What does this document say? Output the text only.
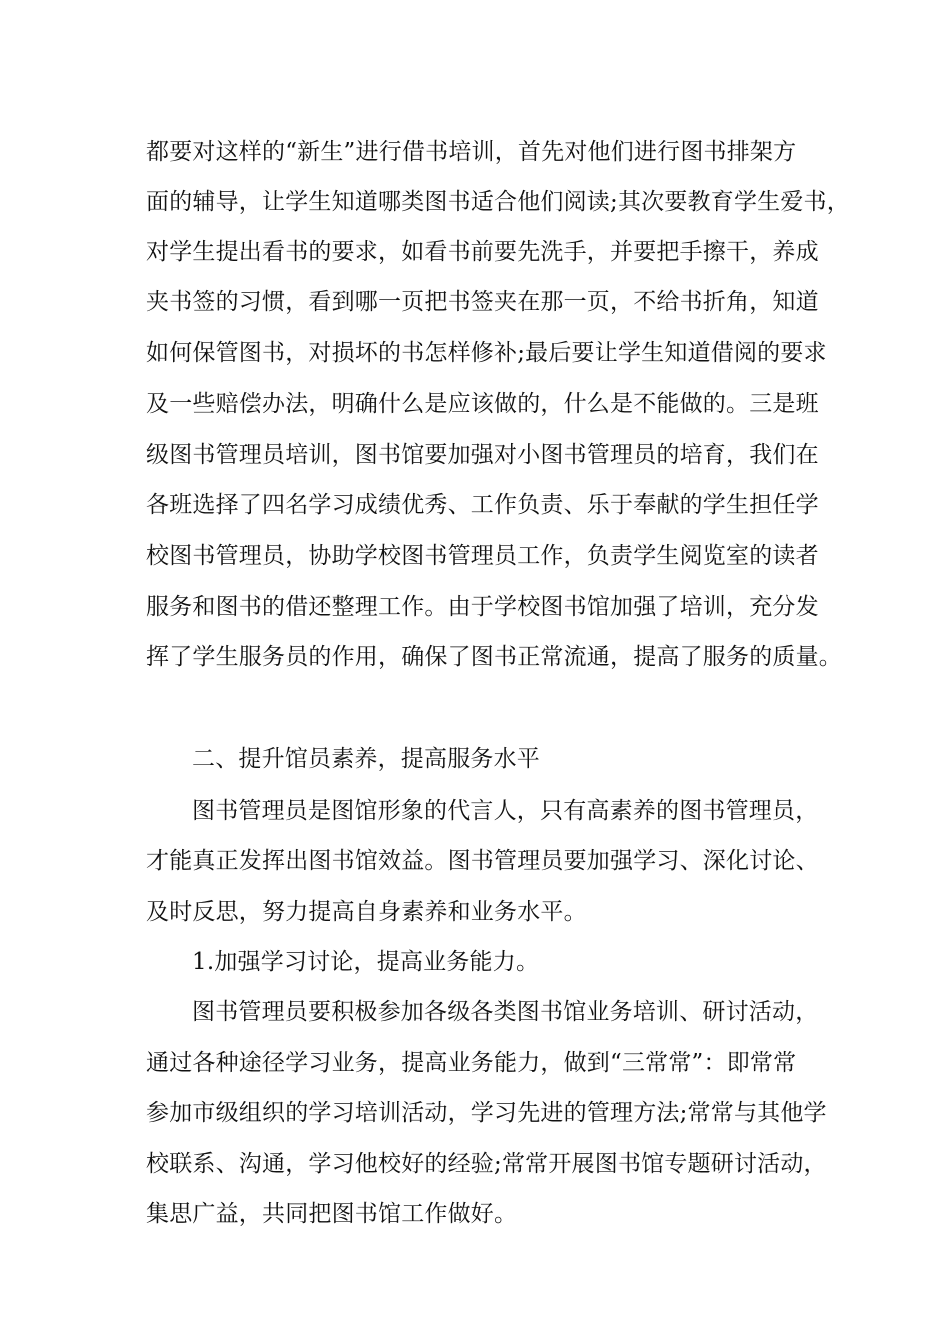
都要对这样的“新生”进行借书培训，首先对他们进行图书排架方
面的辅导，让学生知道哪类图书适合他们阅读;其次要教育学生爱书，
对学生提出看书的要求，如看书前要先洗手，并要把手擦干，养成
夹书签的习惯，看到哪一页把书签夹在那一页，不给书折角，知道
如何保管图书，对损坏的书怎样修补;最后要让学生知道借阅的要求
及一些赔偿办法，明确什么是应该做的，什么是不能做的。三是班
级图书管理员培训，图书馆要加强对小图书管理员的培育，我们在
各班选择了四名学习成绩优秀、工作负责、乐于奉献的学生担任学
校图书管理员，协助学校图书管理员工作，负责学生阅览室的读者
服务和图书的借还整理工作。由于学校图书馆加强了培训，充分发
挥了学生服务员的作用，确保了图书正常流通，提高了服务的质量。
二、提升馆员素养，提高服务水平
图书管理员是图馆形象的代言人，只有高素养的图书管理员，
才能真正发挥出图书馆效益。图书管理员要加强学习、深化讨论、
及时反思，努力提高自身素养和业务水平。
1.加强学习讨论，提高业务能力。
图书管理员要积极参加各级各类图书馆业务培训、研讨活动，
通过各种途径学习业务，提高业务能力，做到“三常常”：即常常
参加市级组织的学习培训活动，学习先进的管理方法;常常与其他学
校联系、沟通，学习他校好的经验;常常开展图书馆专题研讨活动，
集思广益，共同把图书馆工作做好。
